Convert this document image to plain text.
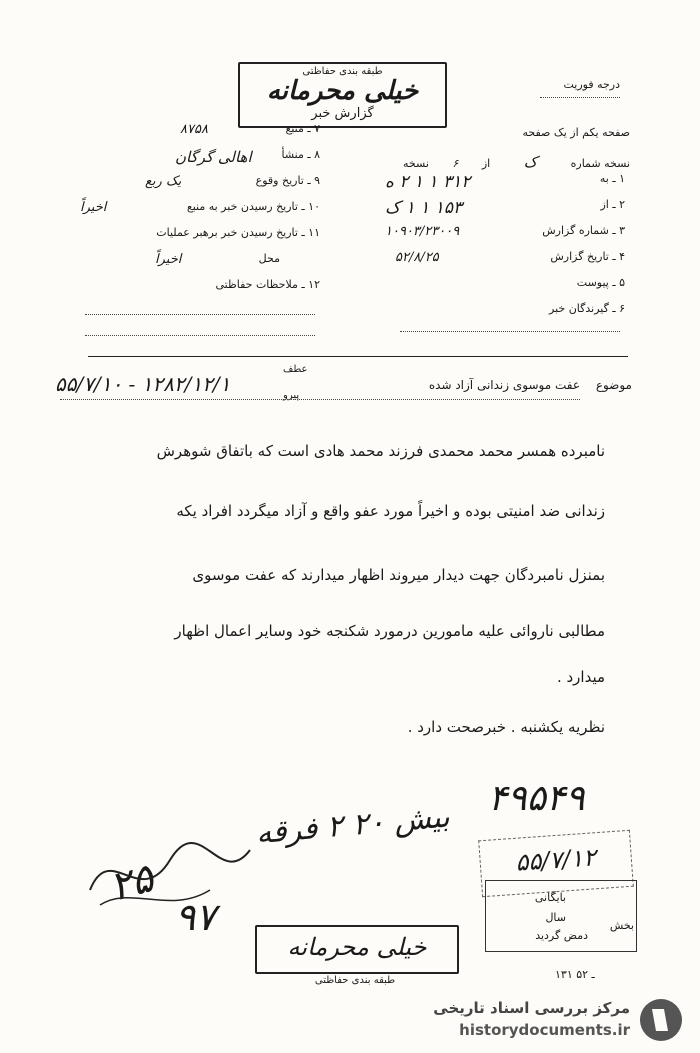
درجه فوریت
طبقه بندی حفاظتی
خیلی محرمانه
گزارش خبر
صفحه یکم از یک صفحه
نسخه شماره ک از ۶ نسخه
۱ ـ به
۳۱۲ ۱ ۱ ۲ ه
۲ ـ از
۱۵۳ ۱ ۱ ک
۳ ـ شماره گزارش
۱۰۹۰۳/۲۳۰۰۹
۴ ـ تاریخ گزارش
۵۲/۸/۲۵
۵ ـ پیوست
۶ ـ گیرندگان خبر
۷ ـ منبع
۸۷۵۸
۸ ـ منشأ
اهالی گرگان
۹ ـ تاریخ وقوع
یک ربع
۱۰ ـ تاریخ رسیدن خبر به منبع
اخیراً
۱۱ ـ تاریخ رسیدن خبر برهبر عملیات
محل
اخیراً
۱۲ ـ ملاحظات حفاظتی
موضوع عفت موسوی زندانی آزاد شده
عطف
پیرو
۵۵/۷/۱۰ - ۱۲۸۲/۱۲/۱
نامبرده همسر محمد محمدی فرزند محمد هادی است که باتفاق شوهرش
زندانی ضد امنیتی بوده و اخیراً مورد عفو واقع و آزاد میگردد افراد یکه
بمنزل نامبردگان جهت دیدار میروند اظهار میدارند که عفت موسوی
مطالبی ناروائی علیه مامورین درمورد شکنجه خود وسایر اعمال اظهار
میدارد .
نظریه یکشنبه . خبرصحت دارد .
۴۹۵۴۹
بیش ۲۰ ۲ فرقه
۵۵/۷/۱۲
۲۵
۹۷	بخش
سال
بایگانی
دمض گردید
خیلی محرمانه
طبقه بندی حفاظتی	۱۳۱ ـ ۵۲
مرکز بررسی اسناد تاریخی
historydocuments.ir
